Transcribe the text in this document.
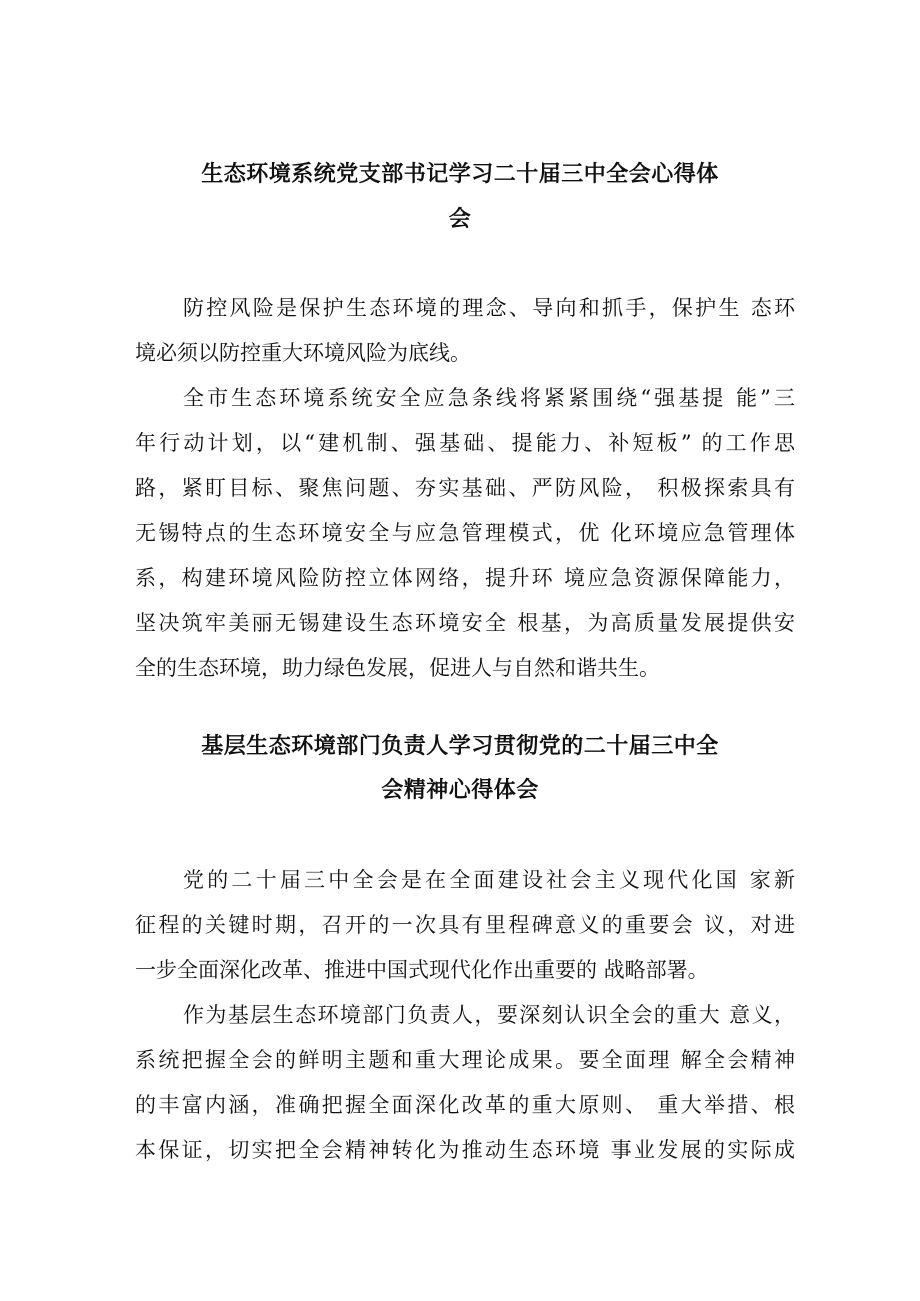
生态环境系统党支部书记学习二十届三中全会心得体
会
防控风险是保护生态环境的理念、导向和抓手，保护生 态环
境必须以防控重大环境风险为底线。
全市生态环境系统安全应急条线将紧紧围绕“强基提 能”三
年行动计划，以“建机制、强基础、提能力、补短板” 的工作思
路，紧盯目标、聚焦问题、夯实基础、严防风险， 积极探索具有
无锡特点的生态环境安全与应急管理模式，优 化环境应急管理体
系，构建环境风险防控立体网络，提升环 境应急资源保障能力，
坚决筑牢美丽无锡建设生态环境安全 根基，为高质量发展提供安
全的生态环境，助力绿色发展，促进人与自然和谐共生。
基层生态环境部门负责人学习贯彻党的二十届三中全
会精神心得体会
党的二十届三中全会是在全面建设社会主义现代化国 家新
征程的关键时期，召开的一次具有里程碑意义的重要会 议，对进
一步全面深化改革、推进中国式现代化作出重要的 战略部署。
作为基层生态环境部门负责人，要深刻认识全会的重大 意义，
系统把握全会的鲜明主题和重大理论成果。要全面理 解全会精神
的丰富内涵，准确把握全面深化改革的重大原则、 重大举措、根
本保证，切实把全会精神转化为推动生态环境 事业发展的实际成
